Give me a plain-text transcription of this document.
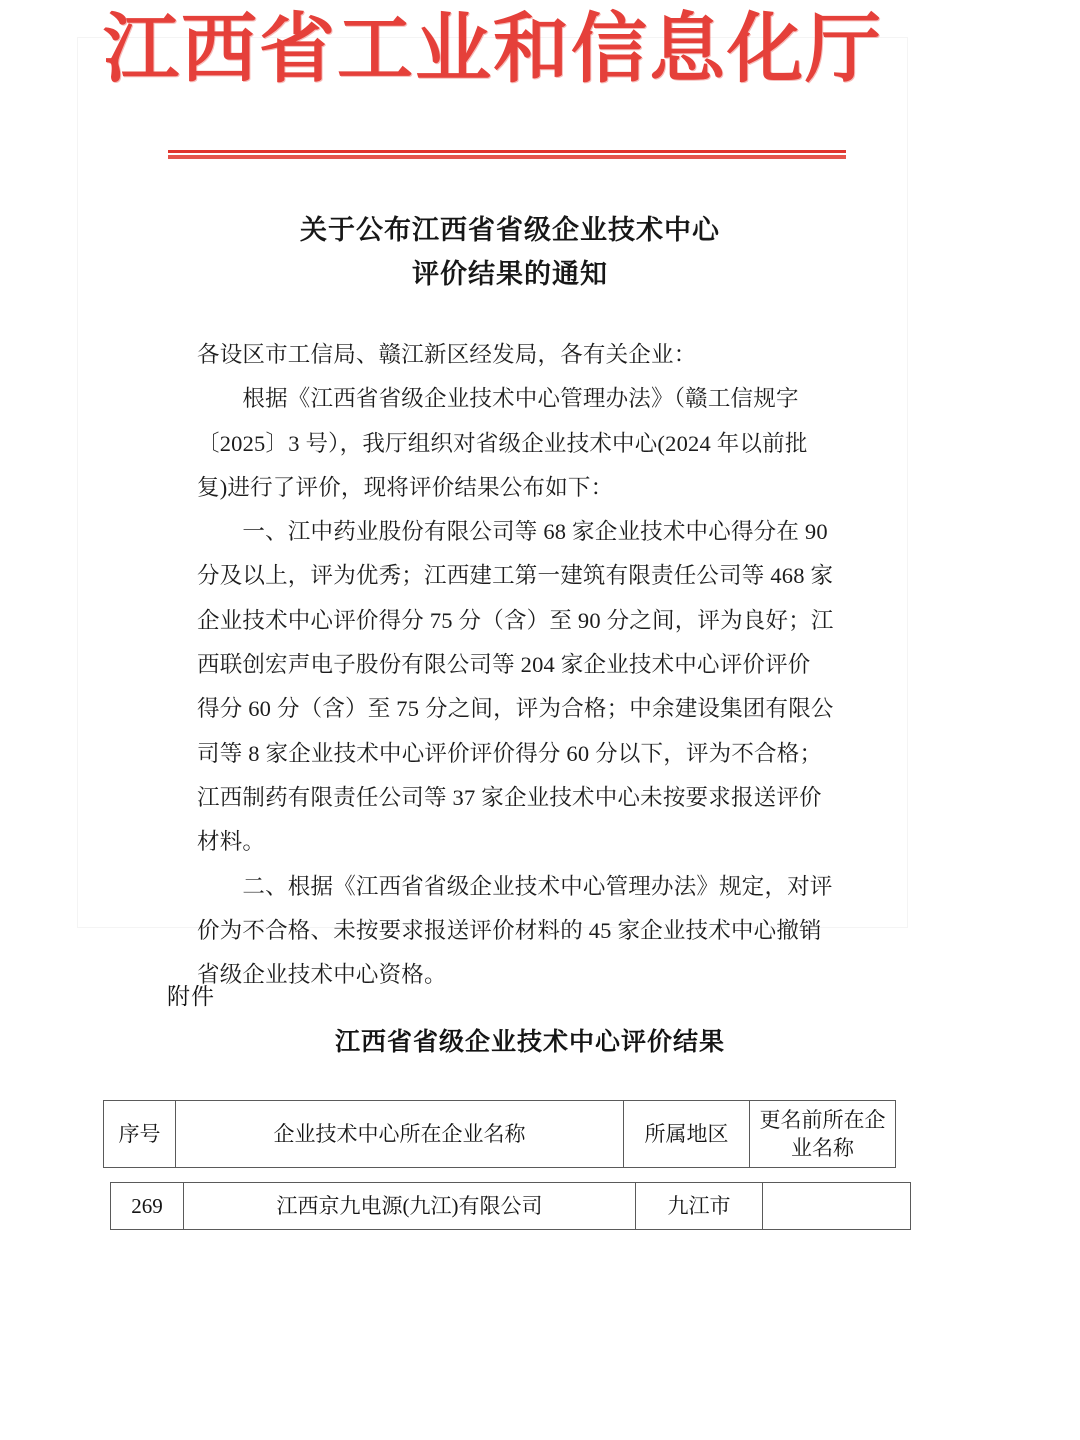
江西省工业和信息化厅
关于公布江西省省级企业技术中心
评价结果的通知

各设区市工信局、赣江新区经发局，各有关企业：

　　根据《江西省省级企业技术中心管理办法》（赣工信规字
〔2025〕3 号），我厅组织对省级企业技术中心(2024 年以前批
复)进行了评价，现将评价结果公布如下：

　　一、江中药业股份有限公司等 68 家企业技术中心得分在 90
分及以上，评为优秀；江西建工第一建筑有限责任公司等 468 家
企业技术中心评价得分 75 分（含）至 90 分之间，评为良好；江
西联创宏声电子股份有限公司等 204 家企业技术中心评价评价
得分 60 分（含）至 75 分之间，评为合格；中余建设集团有限公
司等 8 家企业技术中心评价评价得分 60 分以下，评为不合格；
江西制药有限责任公司等 37 家企业技术中心未按要求报送评价
材料。

　　二、根据《江西省省级企业技术中心管理办法》规定，对评
价为不合格、未按要求报送评价材料的 45 家企业技术中心撤销
省级企业技术中心资格。

附件
江西省省级企业技术中心评价结果
序号	企业技术中心所在企业名称	所属地区	更名前所在企业名称
269	江西京九电源(九江)有限公司	九江市	
